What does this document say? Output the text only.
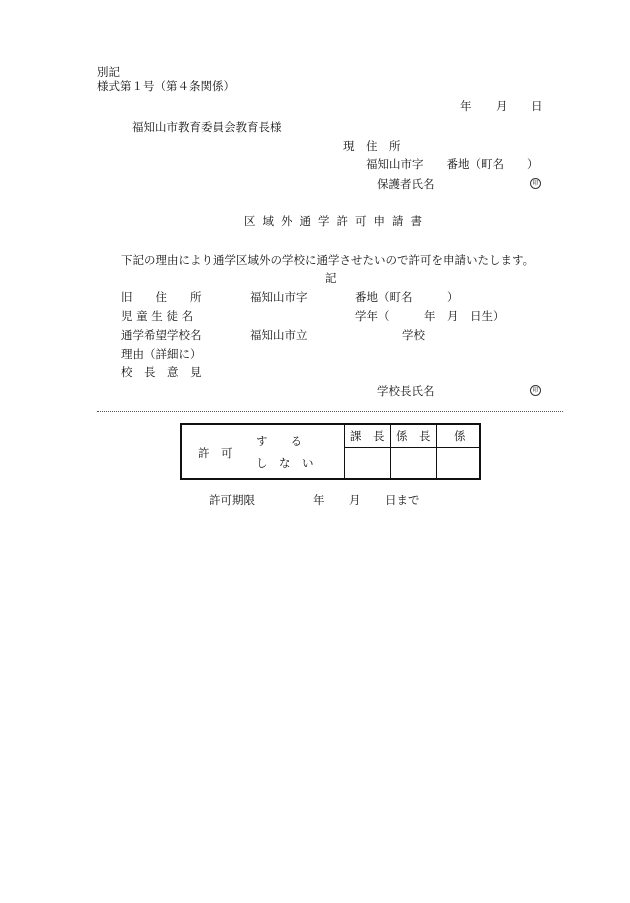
別記
様式第１号（第４条関係）
年 月 日
福知山市教育委員会教育長様
現　住　所
福知山市字　　番地（町名　　）
保護者氏名	印
区域外通学許可申請書
下記の理由により通学区域外の学校に通学させたいので許可を申請いたします。
記
旧　　住　　所	福知山市字	番地（町名　　　）
児 童 生 徒 名	学年（　　　年　月　日生）
通学希望学校名	福知山市立	学校
理由（詳細に）
校　長　意　見
学校長氏名	印
許　可
す　　る
し　な　い
課　長 係　長 係
許可期限	年 月 日まで
